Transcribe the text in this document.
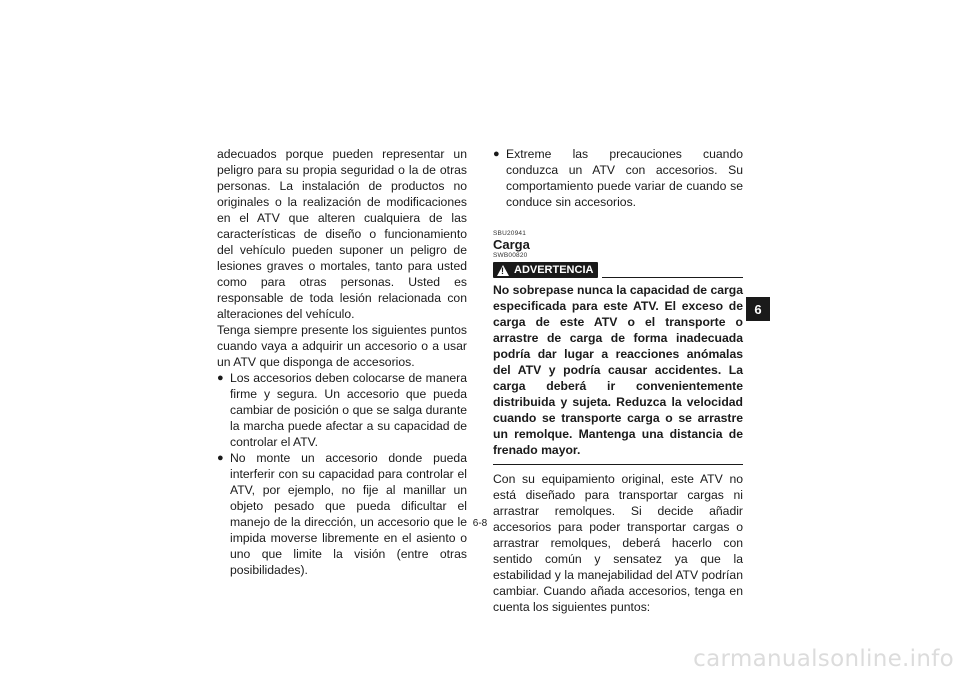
adecuados porque pueden representar un peligro para su propia seguridad o la de otras personas. La instalación de productos no originales o la realización de modificaciones en el ATV que alteren cualquiera de las características de diseño o funcionamiento del vehículo pueden suponer un peligro de lesiones graves o mortales, tanto para usted como para otras personas. Usted es responsable de toda lesión relacionada con alteraciones del vehículo.

Tenga siempre presente los siguientes puntos cuando vaya a adquirir un accesorio o a usar un ATV que disponga de accesorios.

● Los accesorios deben colocarse de manera firme y segura. Un accesorio que pueda cambiar de posición o que se salga durante la marcha puede afectar a su capacidad de controlar el ATV.
● No monte un accesorio donde pueda interferir con su capacidad para controlar el ATV, por ejemplo, no fije al manillar un objeto pesado que pueda dificultar el manejo de la dirección, un accesorio que le impida moverse libremente en el asiento o uno que limite la visión (entre otras posibilidades).
● Extreme las precauciones cuando conduzca un ATV con accesorios. Su comportamiento puede variar de cuando se conduce sin accesorios.
SBU20941
Carga
SWB00820
! ADVERTENCIA

No sobrepase nunca la capacidad de carga especificada para este ATV. El exceso de carga de este ATV o el transporte o arrastre de carga de forma inadecuada podría dar lugar a reacciones anómalas del ATV y podría causar accidentes. La carga deberá ir convenientemente distribuida y sujeta. Reduzca la velocidad cuando se transporte carga o se arrastre un remolque. Mantenga una distancia de frenado mayor.

Con su equipamiento original, este ATV no está diseñado para transportar cargas ni arrastrar remolques. Si decide añadir accesorios para poder transportar cargas o arrastrar remolques, deberá hacerlo con sentido común y sensatez ya que la estabilidad y la manejabilidad del ATV podrían cambiar. Cuando añada accesorios, tenga en cuenta los siguientes puntos:

6-8
6
carmanualsonline.info
